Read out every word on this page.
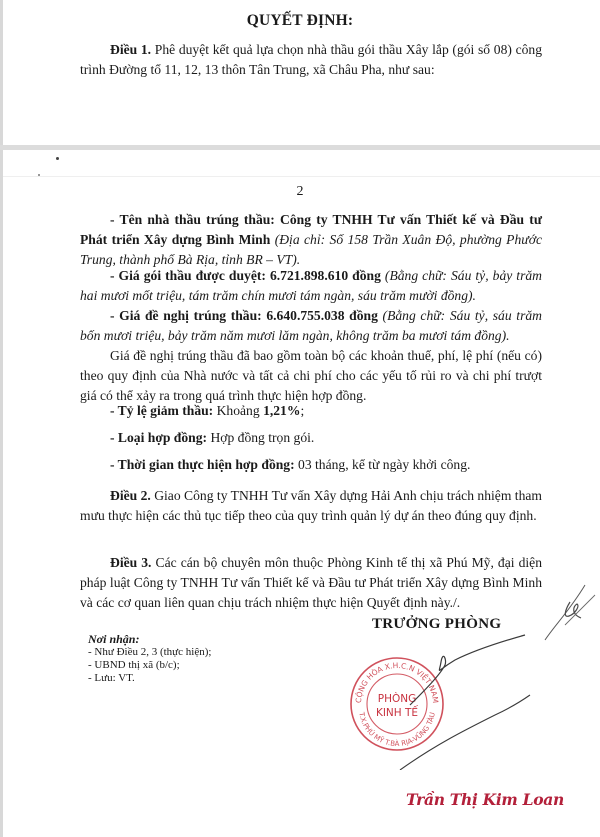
QUYẾT ĐỊNH:
Điều 1. Phê duyệt kết quả lựa chọn nhà thầu gói thầu Xây lắp (gói số 08) công trình Đường tổ 11, 12, 13 thôn Tân Trung, xã Châu Pha, như sau:
2
- Tên nhà thầu trúng thầu: Công ty TNHH Tư vấn Thiết kế và Đầu tư Phát triển Xây dựng Bình Minh (Địa chỉ: Số 158 Trần Xuân Độ, phường Phước Trung, thành phố Bà Rịa, tỉnh BR – VT).
- Giá gói thầu được duyệt: 6.721.898.610 đồng (Bằng chữ: Sáu tỷ, bảy trăm hai mươi mốt triệu, tám trăm chín mươi tám ngàn, sáu trăm mười đồng).
- Giá đề nghị trúng thầu: 6.640.755.038 đồng (Bằng chữ: Sáu tỷ, sáu trăm bốn mươi triệu, bảy trăm năm mươi lăm ngàn, không trăm ba mươi tám đồng).
Giá đề nghị trúng thầu đã bao gồm toàn bộ các khoản thuế, phí, lệ phí (nếu có) theo quy định của Nhà nước và tất cả chi phí cho các yếu tố rủi ro và chi phí trượt giá có thể xảy ra trong quá trình thực hiện hợp đồng.
- Tỷ lệ giảm thầu: Khoảng 1,21%;
- Loại hợp đồng: Hợp đồng trọn gói.
- Thời gian thực hiện hợp đồng: 03 tháng, kể từ ngày khởi công.
Điều 2. Giao Công ty TNHH Tư vấn Xây dựng Hải Anh chịu trách nhiệm tham mưu thực hiện các thủ tục tiếp theo của quy trình quản lý dự án theo đúng quy định.
Điều 3. Các cán bộ chuyên môn thuộc Phòng Kinh tế thị xã Phú Mỹ, đại diện pháp luật Công ty TNHH Tư vấn Thiết kế và Đầu tư Phát triển Xây dựng Bình Minh và các cơ quan liên quan chịu trách nhiệm thực hiện Quyết định này./.
Nơi nhận:
- Như Điều 2, 3 (thực hiện);
- UBND thị xã (b/c);
- Lưu: VT.
TRƯỞNG PHÒNG
CỘNG HÒA X.H.C.N VIỆT NAM
T.X.PHÚ MỸ T.BÀ RỊA-VŨNG TÀU
PHÒNG
KINH TẾ
Trần Thị Kim Loan
